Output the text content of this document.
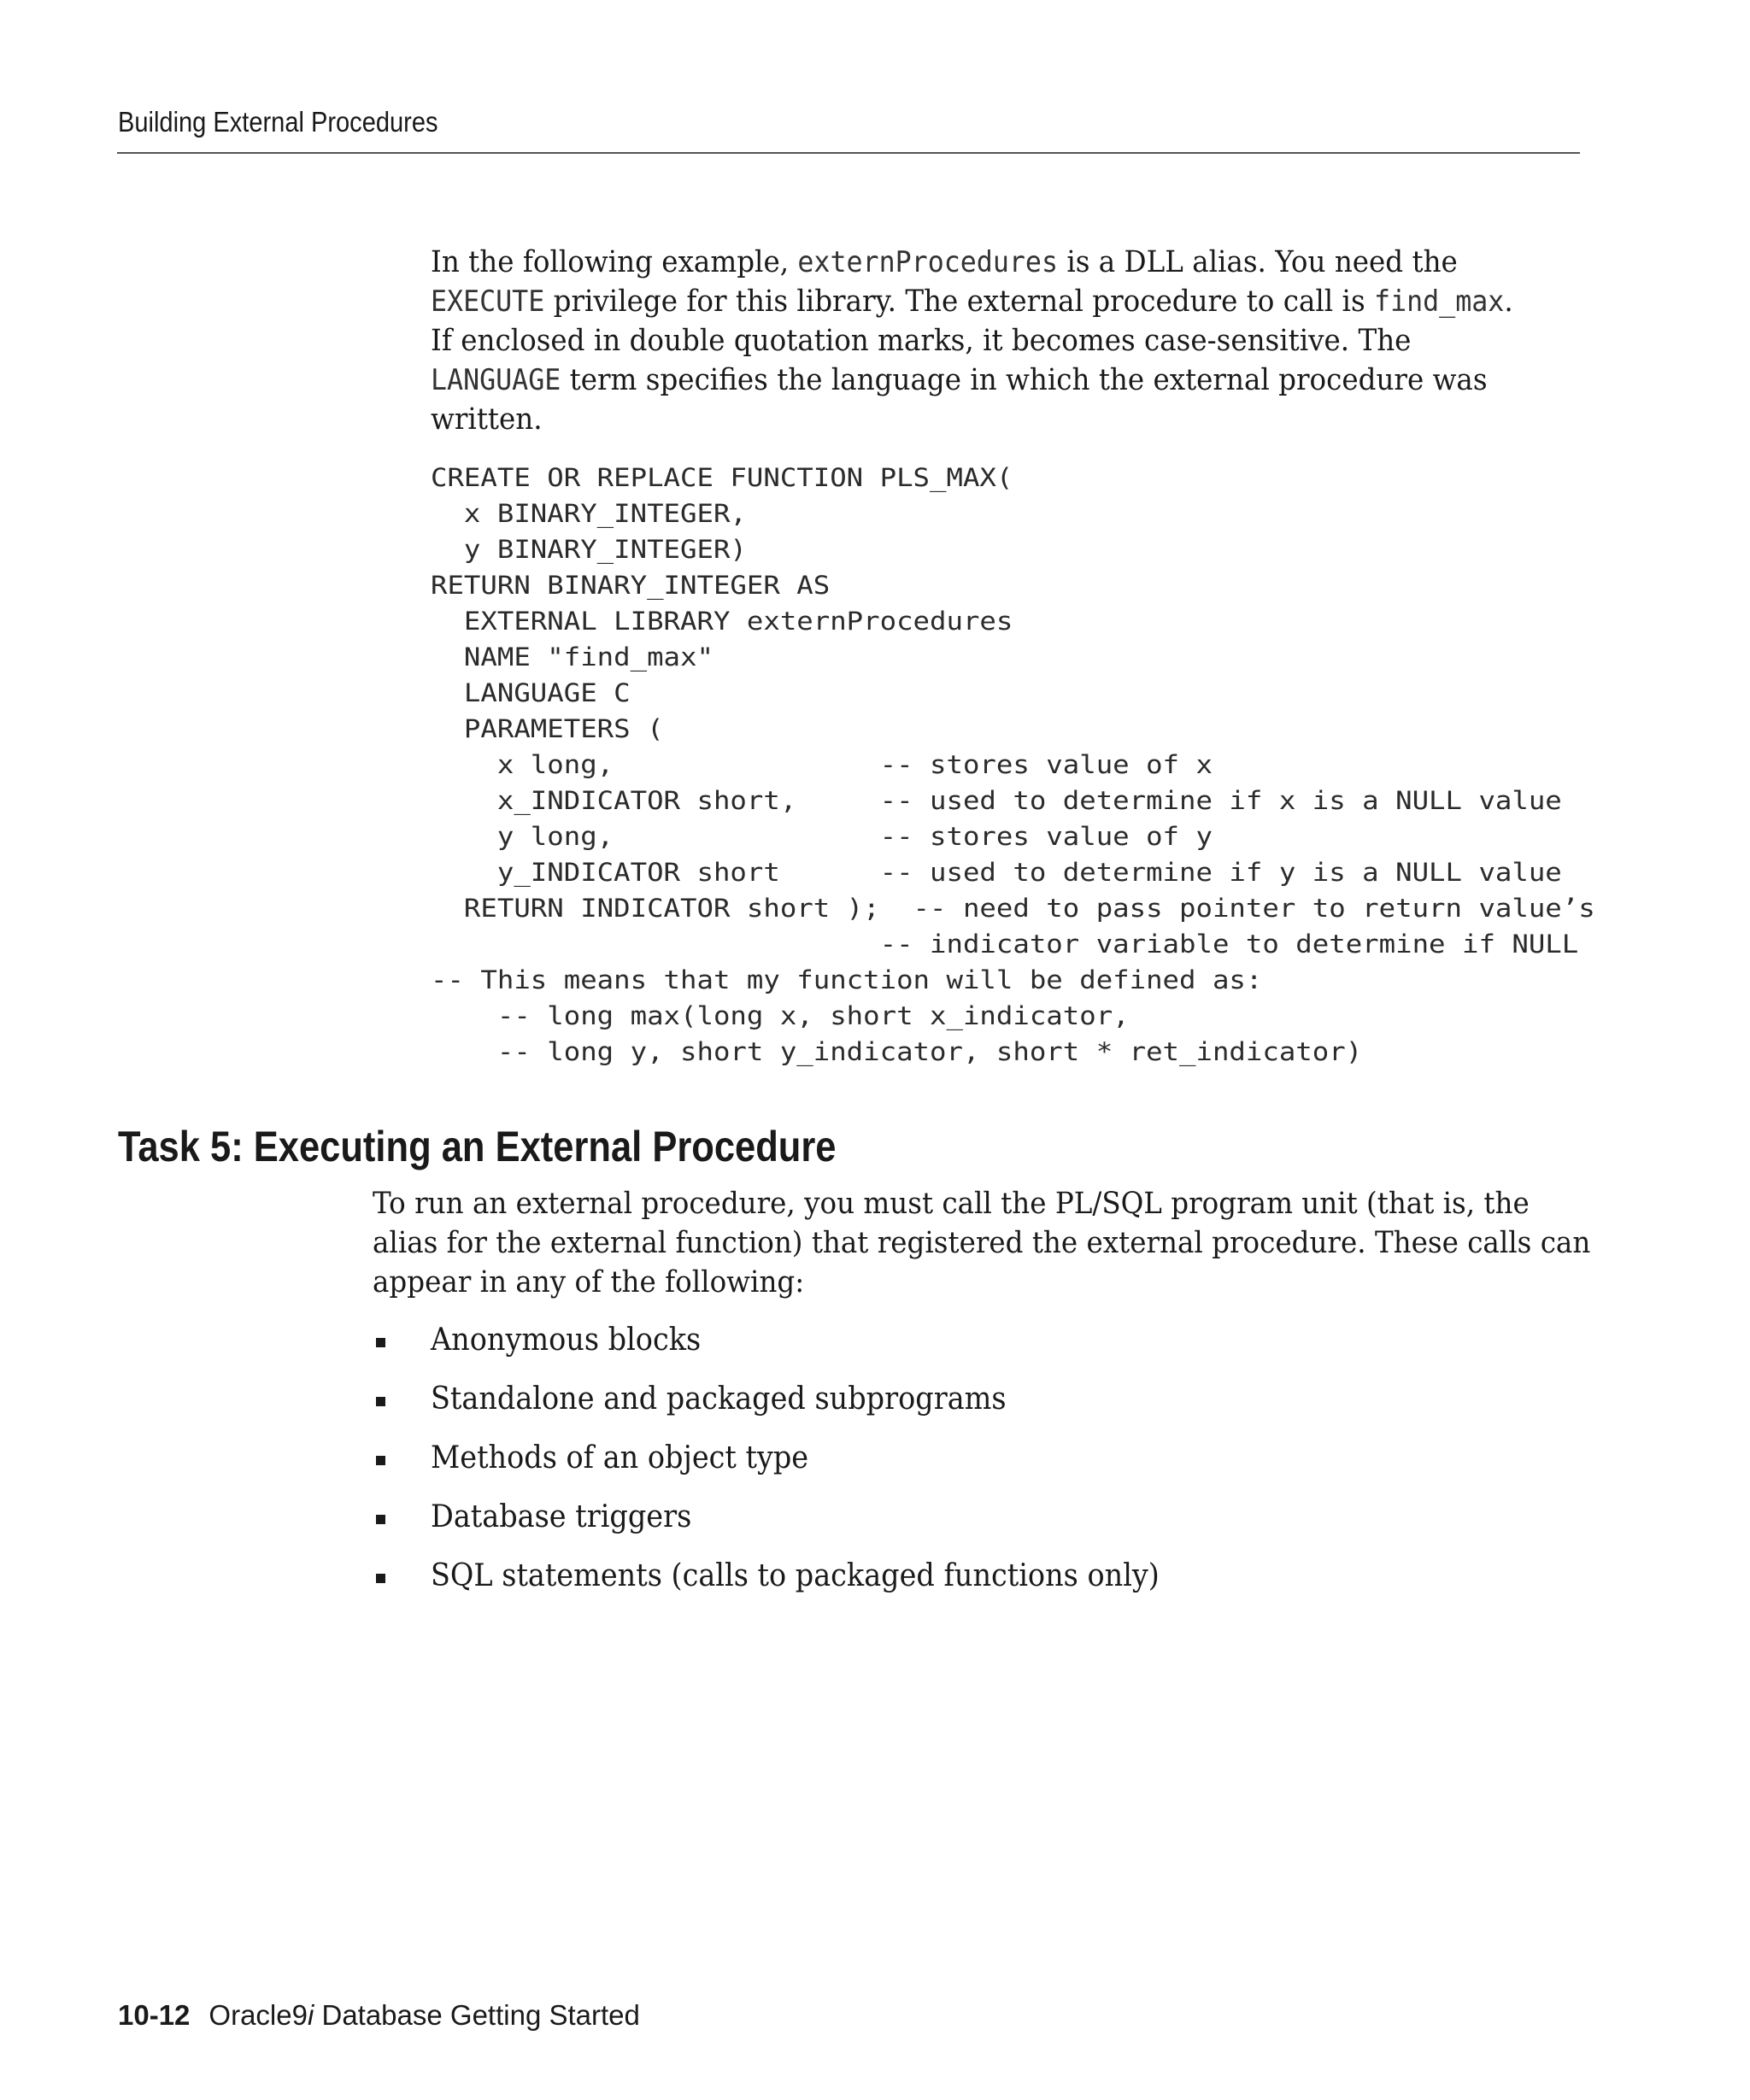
Building External Procedures
In the following example, externProcedures is a DLL alias. You need the
EXECUTE privilege for this library. The external procedure to call is find_max.
If enclosed in double quotation marks, it becomes case-sensitive. The
LANGUAGE term specifies the language in which the external procedure was
written.
CREATE OR REPLACE FUNCTION PLS_MAX(
x BINARY_INTEGER,
y BINARY_INTEGER)
RETURN BINARY_INTEGER AS
EXTERNAL LIBRARY externProcedures
NAME "find_max"
LANGUAGE C
PARAMETERS (
x long,                -- stores value of x
x_INDICATOR short,     -- used to determine if x is a NULL value
y long,                -- stores value of y
y_INDICATOR short      -- used to determine if y is a NULL value
RETURN INDICATOR short );  -- need to pass pointer to return value’s
-- indicator variable to determine if NULL
-- This means that my function will be defined as:
-- long max(long x, short x_indicator,
-- long y, short y_indicator, short * ret_indicator)
Task 5: Executing an External Procedure
To run an external procedure, you must call the PL/SQL program unit (that is, the
alias for the external function) that registered the external procedure. These calls can
appear in any of the following:
Anonymous blocks
Standalone and packaged subprograms
Methods of an object type
Database triggers
SQL statements (calls to packaged functions only)
10-12 Oracle9i Database Getting Started
